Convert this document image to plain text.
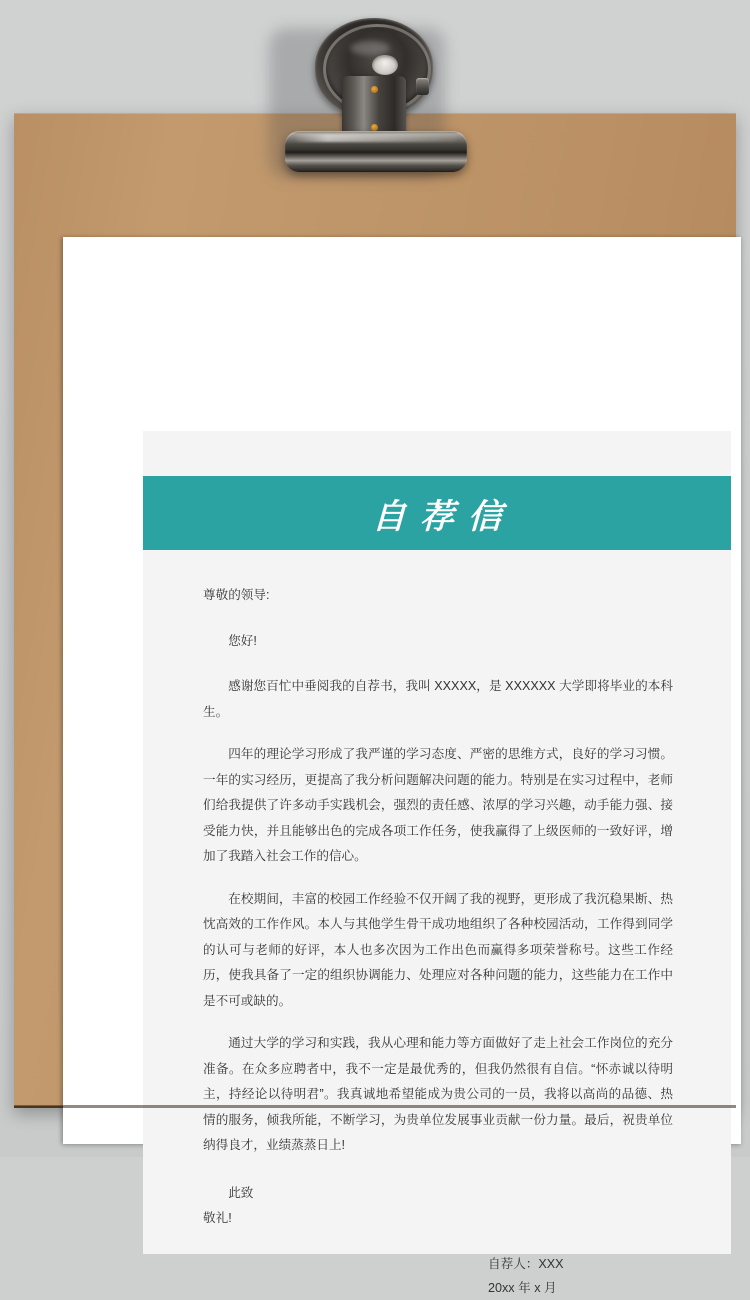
自荐信

尊敬的领导:

您好!

感谢您百忙中垂阅我的自荐书，我叫 XXXXX，是 XXXXXX 大学即将毕业的本科生。

四年的理论学习形成了我严谨的学习态度、严密的思维方式，良好的学习习惯。一年的实习经历，更提高了我分析问题解决问题的能力。特别是在实习过程中，老师们给我提供了许多动手实践机会，强烈的责任感、浓厚的学习兴趣，动手能力强、接受能力快，并且能够出色的完成各项工作任务，使我赢得了上级医师的一致好评，增加了我踏入社会工作的信心。

在校期间，丰富的校园工作经验不仅开阔了我的视野，更形成了我沉稳果断、热忱高效的工作作风。本人与其他学生骨干成功地组织了各种校园活动，工作得到同学的认可与老师的好评，本人也多次因为工作出色而赢得多项荣誉称号。这些工作经历，使我具备了一定的组织协调能力、处理应对各种问题的能力，这些能力在工作中是不可或缺的。

通过大学的学习和实践，我从心理和能力等方面做好了走上社会工作岗位的充分准备。在众多应聘者中，我不一定是最优秀的，但我仍然很有自信。“怀赤诚以待明主，持经论以待明君”。我真诚地希望能成为贵公司的一员，我将以高尚的品德、热情的服务，倾我所能，不断学习，为贵单位发展事业贡献一份力量。最后，祝贵单位纳得良才，业绩蒸蒸日上!

此致

敬礼!

自荐人：XXX

20xx 年 x 月
